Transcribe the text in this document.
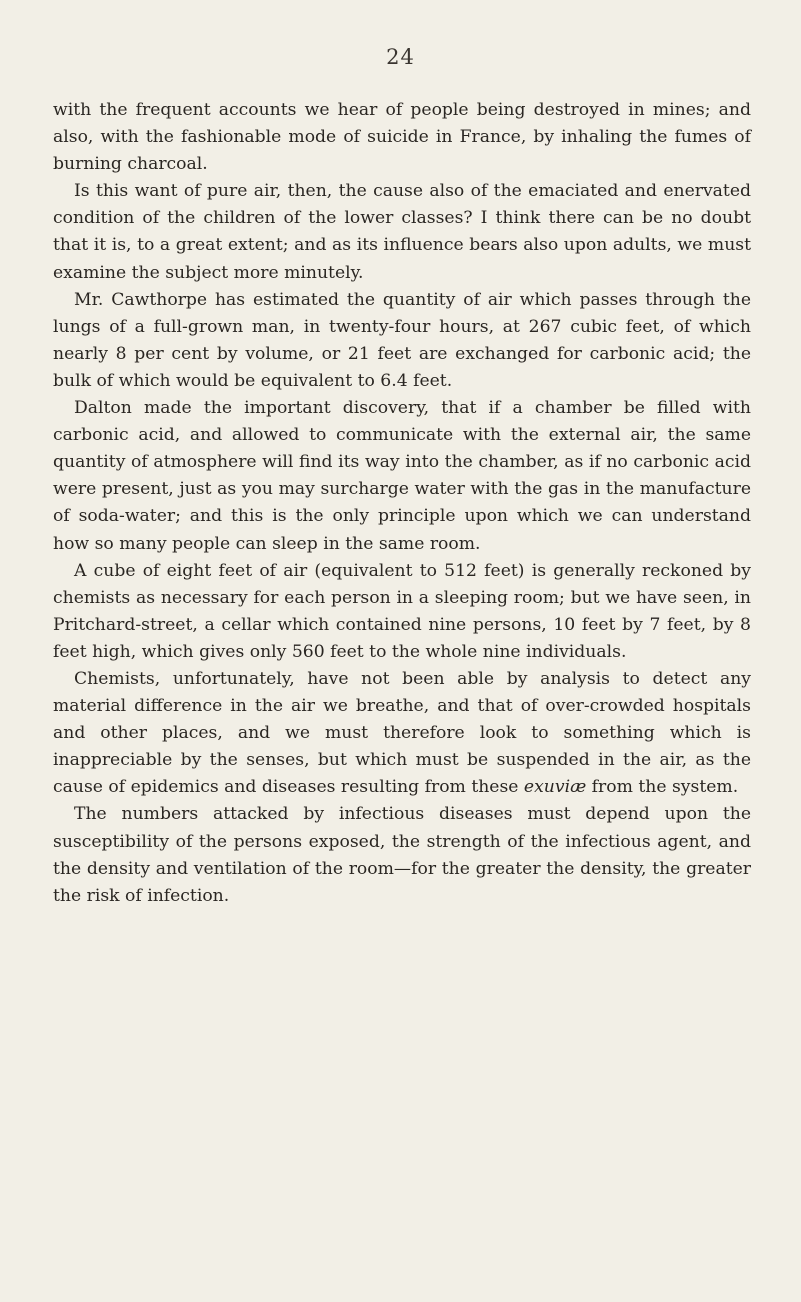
24

with the frequent accounts we hear of people being destroyed in mines; and also, with the fashionable mode of suicide in France, by inhaling the fumes of burning charcoal.

Is this want of pure air, then, the cause also of the emaciated and enervated condition of the children of the lower classes? I think there can be no doubt that it is, to a great extent; and as its influence bears also upon adults, we must examine the subject more minutely.

Mr. Cawthorpe has estimated the quantity of air which passes through the lungs of a full-grown man, in twenty-four hours, at 267 cubic feet, of which nearly 8 per cent by volume, or 21 feet are exchanged for carbonic acid; the bulk of which would be equivalent to 6.4 feet.

Dalton made the important discovery, that if a chamber be filled with carbonic acid, and allowed to communicate with the external air, the same quantity of atmosphere will find its way into the chamber, as if no carbonic acid were present, just as you may surcharge water with the gas in the manufacture of soda-water; and this is the only principle upon which we can understand how so many people can sleep in the same room.

A cube of eight feet of air (equivalent to 512 feet) is generally reckoned by chemists as necessary for each person in a sleeping room; but we have seen, in Pritchard-street, a cellar which contained nine persons, 10 feet by 7 feet, by 8 feet high, which gives only 560 feet to the whole nine individuals.

Chemists, unfortunately, have not been able by analysis to detect any material difference in the air we breathe, and that of over-crowded hospitals and other places, and we must therefore look to something which is inappreciable by the senses, but which must be suspended in the air, as the cause of epidemics and diseases resulting from these exuviæ from the system.

The numbers attacked by infectious diseases must depend upon the susceptibility of the persons exposed, the strength of the infectious agent, and the density and ventilation of the room—for the greater the density, the greater the risk of infection.
